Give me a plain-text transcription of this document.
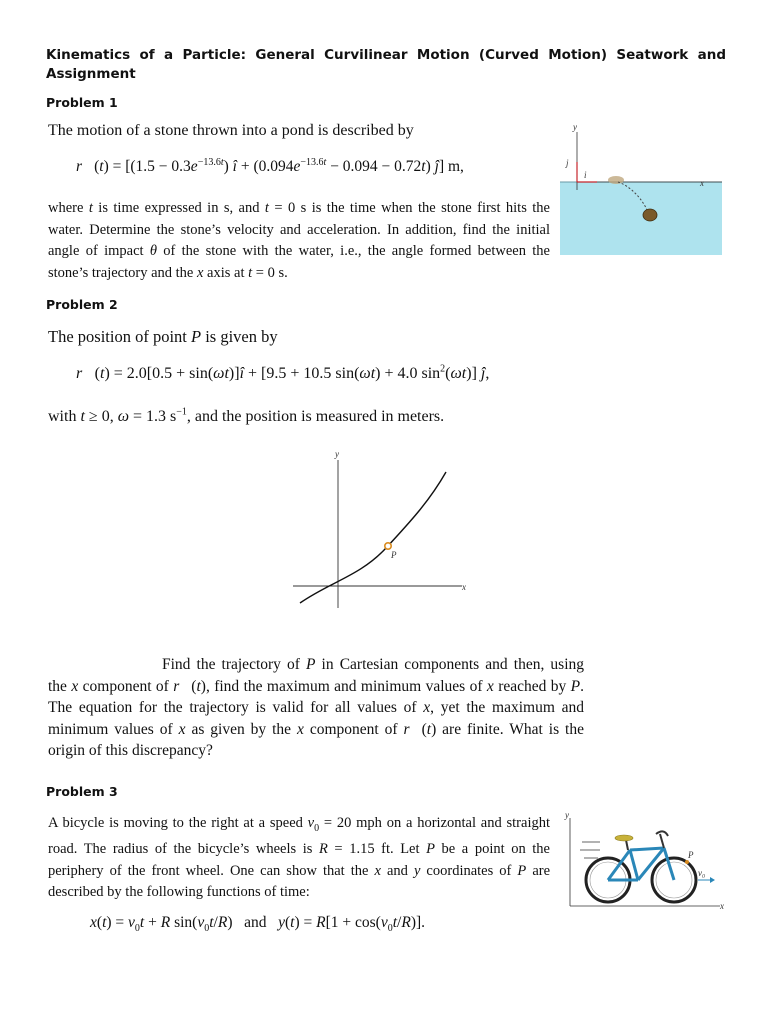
Kinematics of a Particle: General Curvilinear Motion (Curved Motion) Seatwork and Assignment
Problem 1
The motion of a stone thrown into a pond is described by
r⃗(t) = [$(1.5 - 0.3e^{-13.6t})$ î + $(0.094e^{-13.6t} - 0.094 - 0.72t)$ ĵ] m,
where t is time expressed in s, and t = 0 s is the time when the stone first hits the water. Determine the stone’s velocity and acceleration. In addition, find the initial angle of impact θ of the stone with the water, i.e., the angle formed between the stone’s trajectory and the x axis at t = 0 s.
y
x
j
i
Problem 2
The position of point P is given by
r⃗(t) = 2.0[0.5 + sin(ωt)]î + [9.5 + 10.5 sin(ωt) + 4.0 $\sin^2(\omega t)$] ĵ,
with t ≥ 0, ω = 1.3 $s^{-1}$, and the position is measured in meters.
y
x
P
Find the trajectory of P in Cartesian components and then, using the x component of r⃗(t), find the maximum and minimum values of x reached by P. The equation for the trajectory is valid for all values of x, yet the maximum and minimum values of x as given by the x component of r⃗(t) are finite. What is the origin of this discrepancy?
Problem 3
A bicycle is moving to the right at a speed $v_0 = 20$ mph on a horizontal and straight road. The radius of the bicycle’s wheels is R = 1.15 ft. Let P be a point on the periphery of the front wheel. One can show that the x and y coordinates of P are described by the following functions of time:
$x(t) = v_0t + R$ $\sin(v_0t/R)$   and   $y(t) = R[1 + \cos(v_0t/R)]$.
y
x
P
v₀
